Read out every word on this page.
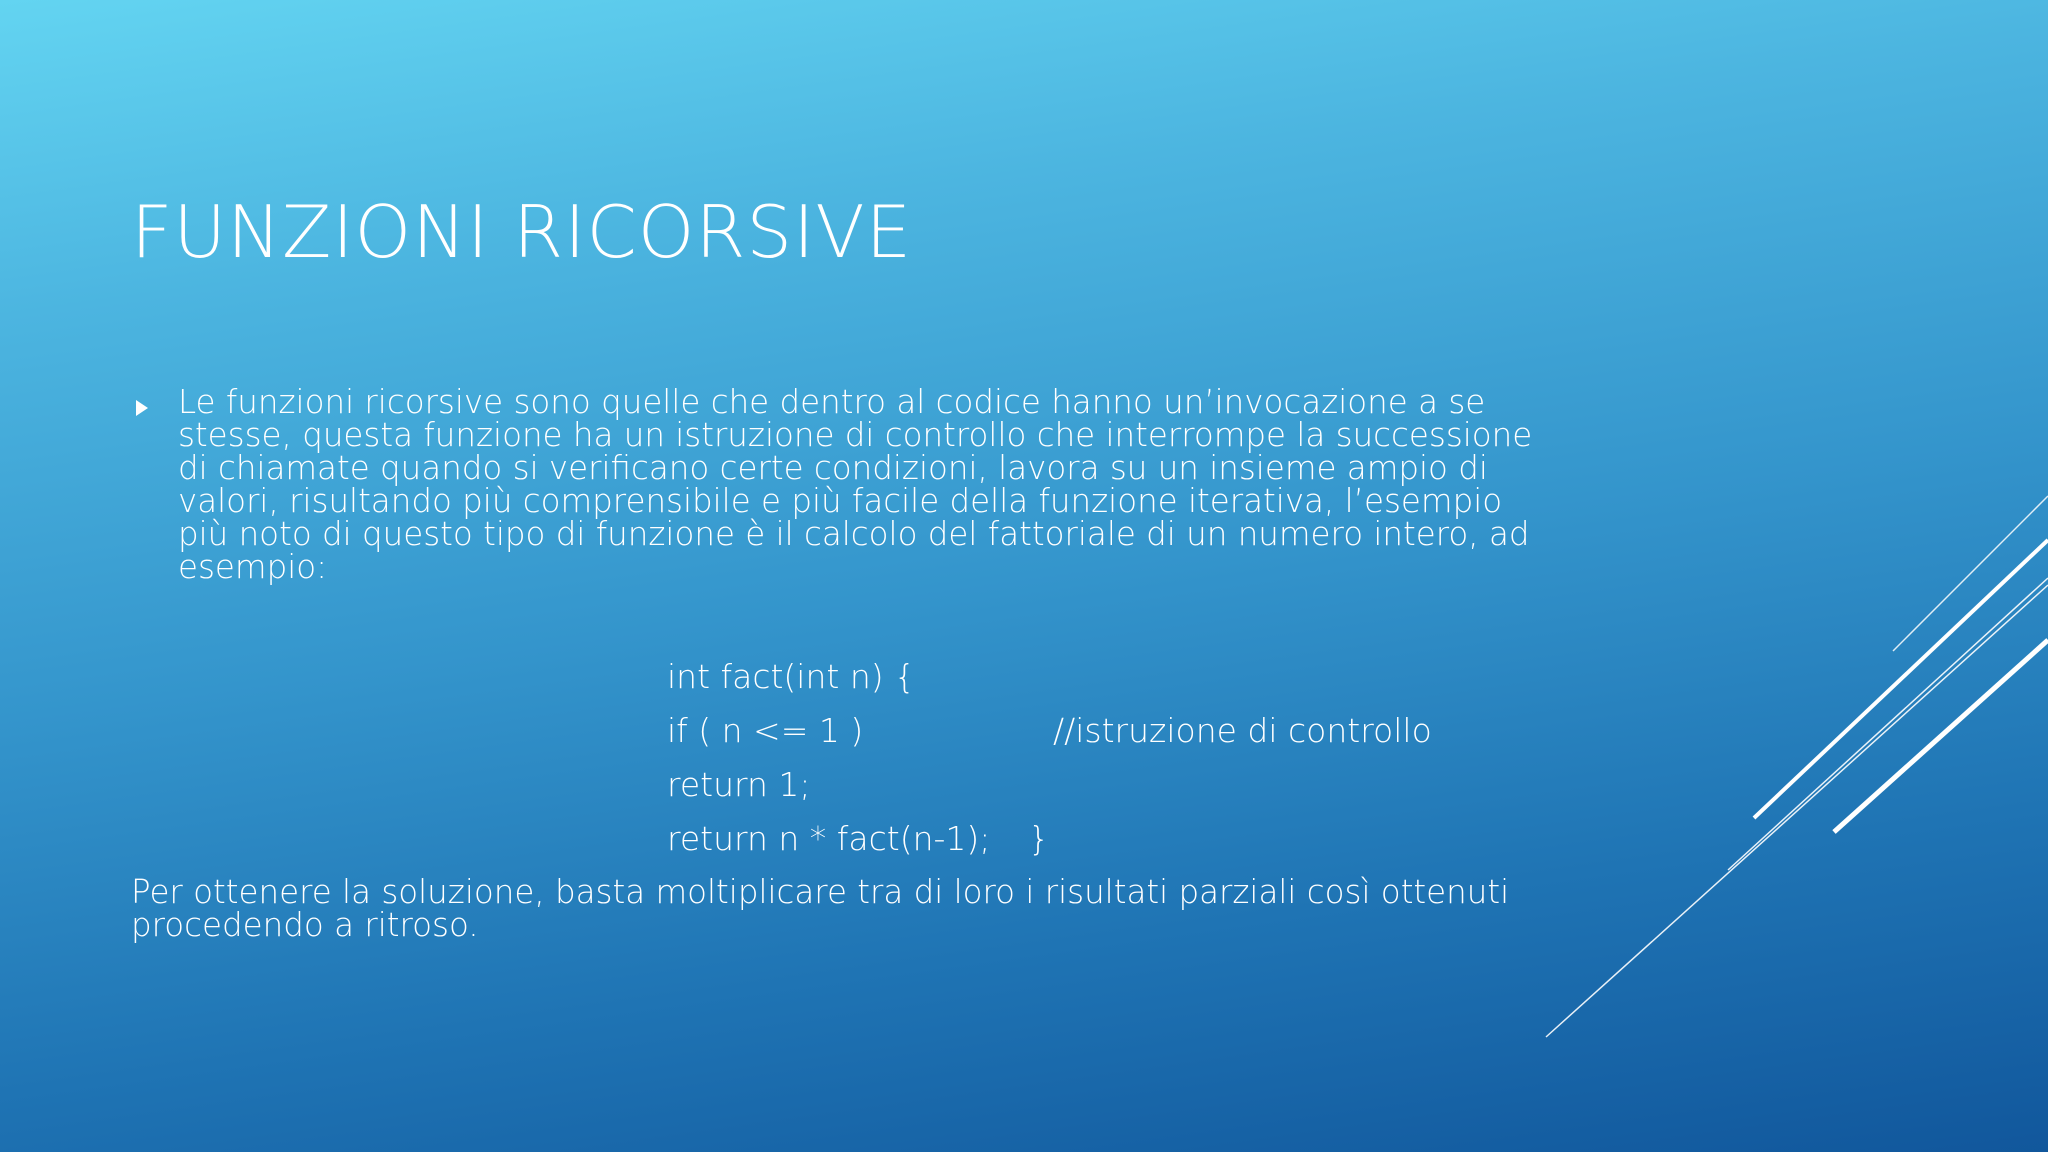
FUNZIONI RICORSIVE
Le funzioni ricorsive sono quelle che dentro al codice hanno un’invocazione a se stesse, questa funzione ha un istruzione di controllo che interrompe la successione di chiamate quando si verificano certe condizioni, lavora su un insieme ampio di valori, risultando più comprensibile e più facile della funzione iterativa, l’esempio più noto di questo tipo di funzione è il calcolo del fattoriale di un numero intero, ad esempio:
int fact(int n) {
if ( n <= 1 )	//istruzione di controllo
return 1;
return n * fact(n-1); }
Per ottenere la soluzione, basta moltiplicare tra di loro i risultati parziali così ottenuti procedendo a ritroso.
